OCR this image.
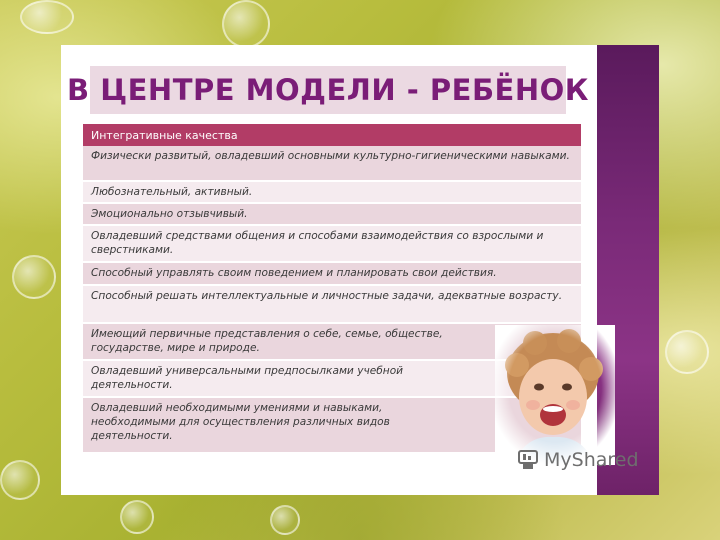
В ЦЕНТРЕ МОДЕЛИ - РЕБЁНОК
Интегративные качества
Физически развитый, овладевший основными культурно-гигиеническими навыками.
Любознательный, активный.
Эмоционально отзывчивый.
Овладевший средствами общения и способами взаимодействия со взрослыми и сверстниками.
Способный управлять своим поведением и планировать свои действия.
Способный решать интеллектуальные и личностные задачи, адекватные возрасту.
Имеющий первичные представления о себе, семье, обществе, государстве, мире и природе.
Овладевший универсальными предпосылками учебной деятельности.
Овладевший необходимыми умениями и навыками, необходимыми для осуществления различных видов деятельности.
MyShared
